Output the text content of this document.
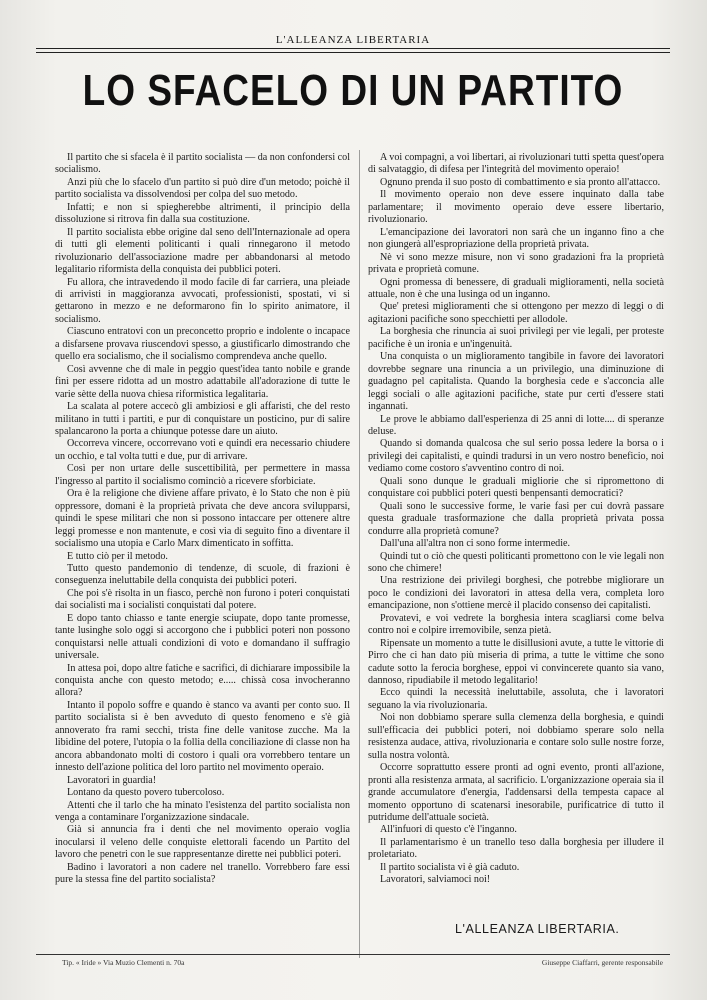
L'ALLEANZA LIBERTARIA
LO SFACELO DI UN PARTITO

Il partito che si sfacela è il partito socialista — da non confondersi col socialismo.

Anzi più che lo sfacelo d'un partito si può dire d'un metodo; poichè il partito socialista va dissolvendosi per colpa del suo metodo.

Infatti; e non si spiegherebbe altrimenti, il principio della dissoluzione si ritrova fin dalla sua costituzione.

Il partito socialista ebbe origine dal seno dell'Internazionale ad opera di tutti gli elementi politicanti i quali rinnegarono il metodo rivoluzionario dell'associazione madre per abbandonarsi al metodo legalitario riformista della conquista dei pubblici poteri.

Fu allora, che intravedendo il modo facile di far carriera, una pleiade di arrivisti in maggioranza avvocati, professionisti, spostati, vi si gettarono in mezzo e ne deformarono fin lo spirito animatore, il socialismo.

Ciascuno entratovi con un preconcetto proprio e indolente o incapace a disfarsene provava riuscendovi spesso, a giustificarlo dimostrando che quello era socialismo, che il socialismo comprendeva anche quello.

Così avvenne che di male in peggio quest'idea tanto nobile e grande finì per essere ridotta ad un mostro adattabile all'adorazione di tutte le varie sètte della nuova chiesa riformistica legalitaria.

La scalata al potere accecò gli ambiziosi e gli affaristi, che del resto militano in tutti i partiti, e pur di conquistare un posticino, pur di salire spalancarono la porta a chiunque potesse dare un aiuto.

Occorreva vincere, occorrevano voti e quindi era necessario chiudere un occhio, e tal volta tutti e due, pur di arrivare.

Così per non urtare delle suscettibilità, per permettere in massa l'ingresso al partito il socialismo cominciò a ricevere sforbiciate.

Ora è la religione che diviene affare privato, è lo Stato che non è più oppressore, domani è la proprietà privata che deve ancora svilupparsi, quindi le spese militari che non si possono intaccare per ottenere altre leggi promesse e non mantenute, e così via di seguito fino a diventare il socialismo una utopia e Carlo Marx dimenticato in soffitta.

E tutto ciò per il metodo.

Tutto questo pandemonio di tendenze, di scuole, di frazioni è conseguenza ineluttabile della conquista dei pubblici poteri.

Che poi s'è risolta in un fiasco, perchè non furono i poteri conquistati dai socialisti ma i socialisti conquistati dal potere.

E dopo tanto chiasso e tante energie sciupate, dopo tante promesse, tante lusinghe solo oggi si accorgono che i pubblici poteri non possono conquistarsi nelle attuali condizioni di voto e domandano il suffragio universale.

In attesa poi, dopo altre fatiche e sacrifici, di dichiarare impossibile la conquista anche con questo metodo; e..... chissà cosa invocheranno allora?

Intanto il popolo soffre e quando è stanco va avanti per conto suo. Il partito socialista si è ben avveduto di questo fenomeno e s'è già annoverato fra rami secchi, trista fine delle vanitose zucche. Ma la libidine del potere, l'utopia o la follia della conciliazione di classe non ha ancora abbandonato molti di costoro i quali ora vorrebbero tentare un innesto dell'azione politica del loro partito nel movimento operaio.

Lavoratori in guardia!

Lontano da questo povero tubercoloso.

Attenti che il tarlo che ha minato l'esistenza del partito socialista non venga a contaminare l'organizzazione sindacale.

Già si annuncia fra i denti che nel movimento operaio voglia inocularsi il veleno delle conquiste elettorali facendo un Partito del lavoro che penetri con le sue rappresentanze dirette nei pubblici poteri.

Badino i lavoratori a non cadere nel tranello. Vorrebbero fare essi pure la stessa fine del partito socialista?

A voi compagni, a voi libertari, ai rivoluzionari tutti spetta quest'opera di salvataggio, di difesa per l'integrità del movimento operaio!

Ognuno prenda il suo posto di combattimento e sia pronto all'attacco.

Il movimento operaio non deve essere inquinato dalla tabe parlamentare; il movimento operaio deve essere libertario, rivoluzionario.

L'emancipazione dei lavoratori non sarà che un inganno fino a che non giungerà all'espropriazione della proprietà privata.

Nè vi sono mezze misure, non vi sono gradazioni fra la proprietà privata e proprietà comune.

Ogni promessa di benessere, di graduali miglioramenti, nella società attuale, non è che una lusinga od un inganno.

Que' pretesi miglioramenti che si ottengono per mezzo di leggi o di agitazioni pacifiche sono specchietti per allodole.

La borghesia che rinuncia ai suoi privilegi per vie legali, per proteste pacifiche è un ironia e un'ingenuità.

Una conquista o un miglioramento tangibile in favore dei lavoratori dovrebbe segnare una rinuncia a un privilegio, una diminuzione di guadagno pel capitalista. Quando la borghesia cede e s'acconcia alle leggi sociali o alle agitazioni pacifiche, state pur certi d'essere stati ingannati.

Le prove le abbiamo dall'esperienza di 25 anni di lotte.... di speranze deluse.

Quando si domanda qualcosa che sul serio possa ledere la borsa o i privilegi dei capitalisti, e quindi tradursi in un vero nostro beneficio, noi vediamo come costoro s'avventino contro di noi.

Quali sono dunque le graduali migliorie che si ripromettono di conquistare coi pubblici poteri questi benpensanti democratici?

Quali sono le successive forme, le varie fasi per cui dovrà passare questa graduale trasformazione che dalla proprietà privata possa condurre alla proprietà comune?

Dall'una all'altra non ci sono forme intermedie.

Quindi tut o ciò che questi politicanti promettono con le vie legali non sono che chimere!

Una restrizione dei privilegi borghesi, che potrebbe migliorare un poco le condizioni dei lavoratori in attesa della vera, completa loro emancipazione, non s'ottiene mercè il placido consenso dei capitalisti.

Provatevi, e voi vedrete la borghesia intera scagliarsi come belva contro noi e colpire irremovibile, senza pietà.

Ripensate un momento a tutte le disillusioni avute, a tutte le vittorie di Pirro che ci han dato più miseria di prima, a tutte le vittime che sono cadute sotto la ferocia borghese, eppoi vi convincerete quanto sia vano, dannoso, ripudiabile il metodo legalitario!

Ecco quindi la necessità ineluttabile, assoluta, che i lavoratori seguano la via rivoluzionaria.

Noi non dobbiamo sperare sulla clemenza della borghesia, e quindi sull'efficacia dei pubblici poteri, noi dobbiamo sperare solo nella resistenza audace, attiva, rivoluzionaria e contare solo sulle nostre forze, sulla nostra volontà.

Occorre soprattutto essere pronti ad ogni evento, pronti all'azione, pronti alla resistenza armata, al sacrificio. L'organizzazione operaia sia il grande accumulatore d'energia, l'addensarsi della tempesta capace al momento opportuno di scatenarsi inesorabile, purificatrice di tutto il putridume dell'attuale società.

All'infuori di questo c'è l'inganno.

Il parlamentarismo è un tranello teso dalla borghesia per illudere il proletariato.

Il partito socialista vi è già caduto.

Lavoratori, salviamoci noi!

L'ALLEANZA LIBERTARIA.
Tip. « Iride » Via Muzio Clementi n. 70a	Giuseppe Ciaffarri, gerente responsabile
